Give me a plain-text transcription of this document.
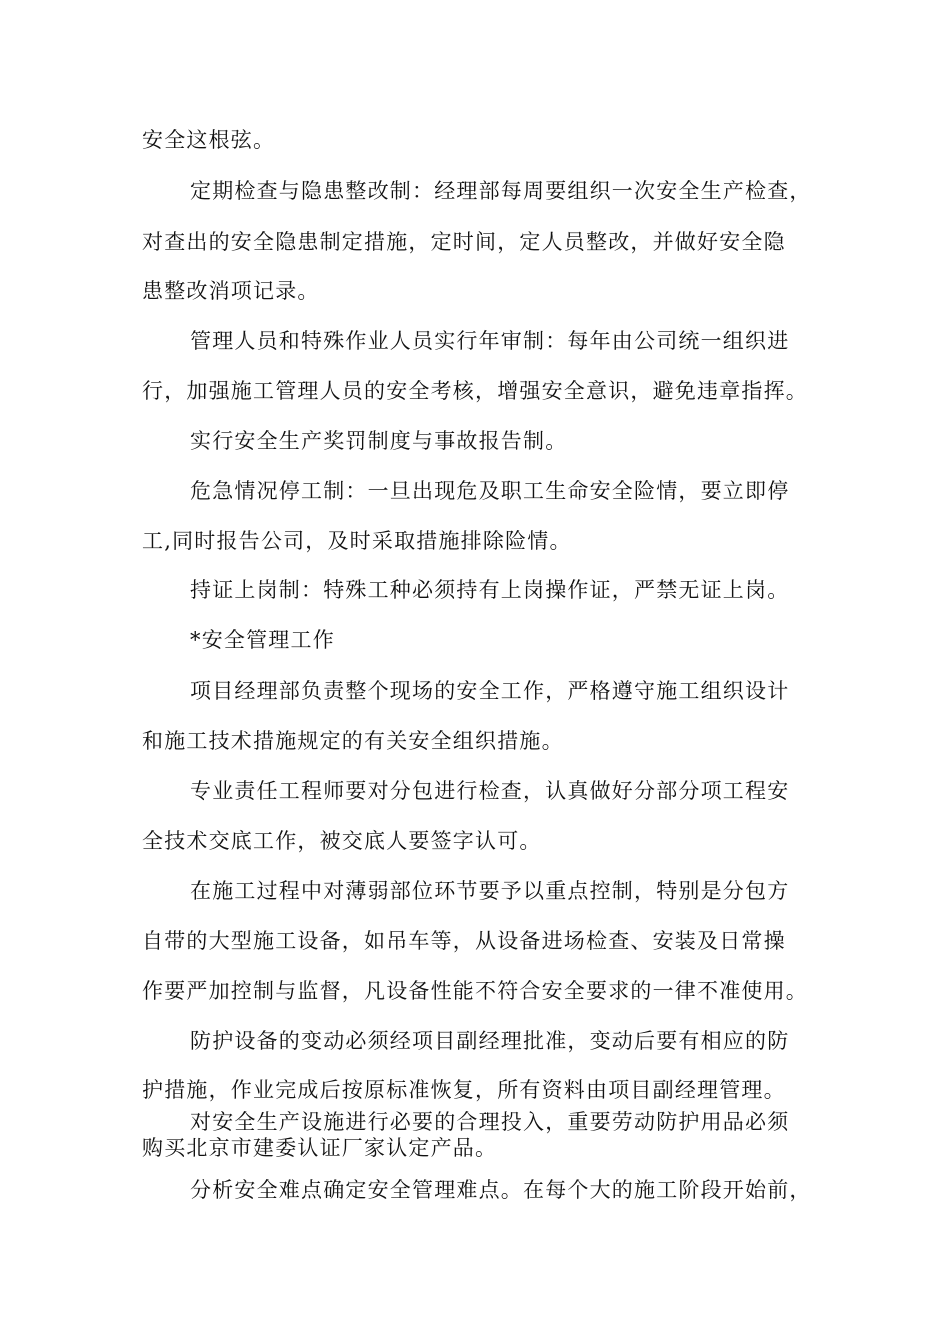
安全这根弦。
定期检查与隐患整改制：经理部每周要组织一次安全生产检查，
对查出的安全隐患制定措施，定时间，定人员整改，并做好安全隐
患整改消项记录。
管理人员和特殊作业人员实行年审制：每年由公司统一组织进
行，加强施工管理人员的安全考核，增强安全意识，避免违章指挥。
实行安全生产奖罚制度与事故报告制。
危急情况停工制：一旦出现危及职工生命安全险情，要立即停
工,同时报告公司，及时采取措施排除险情。
持证上岗制：特殊工种必须持有上岗操作证，严禁无证上岗。
*安全管理工作
项目经理部负责整个现场的安全工作，严格遵守施工组织设计
和施工技术措施规定的有关安全组织措施。
专业责任工程师要对分包进行检查，认真做好分部分项工程安
全技术交底工作，被交底人要签字认可。
在施工过程中对薄弱部位环节要予以重点控制，特别是分包方
自带的大型施工设备，如吊车等，从设备进场检查、安装及日常操
作要严加控制与监督，凡设备性能不符合安全要求的一律不准使用。
防护设备的变动必须经项目副经理批准，变动后要有相应的防
护措施，作业完成后按原标准恢复，所有资料由项目副经理管理。
对安全生产设施进行必要的合理投入，重要劳动防护用品必须
购买北京市建委认证厂家认定产品。
分析安全难点确定安全管理难点。在每个大的施工阶段开始前，
